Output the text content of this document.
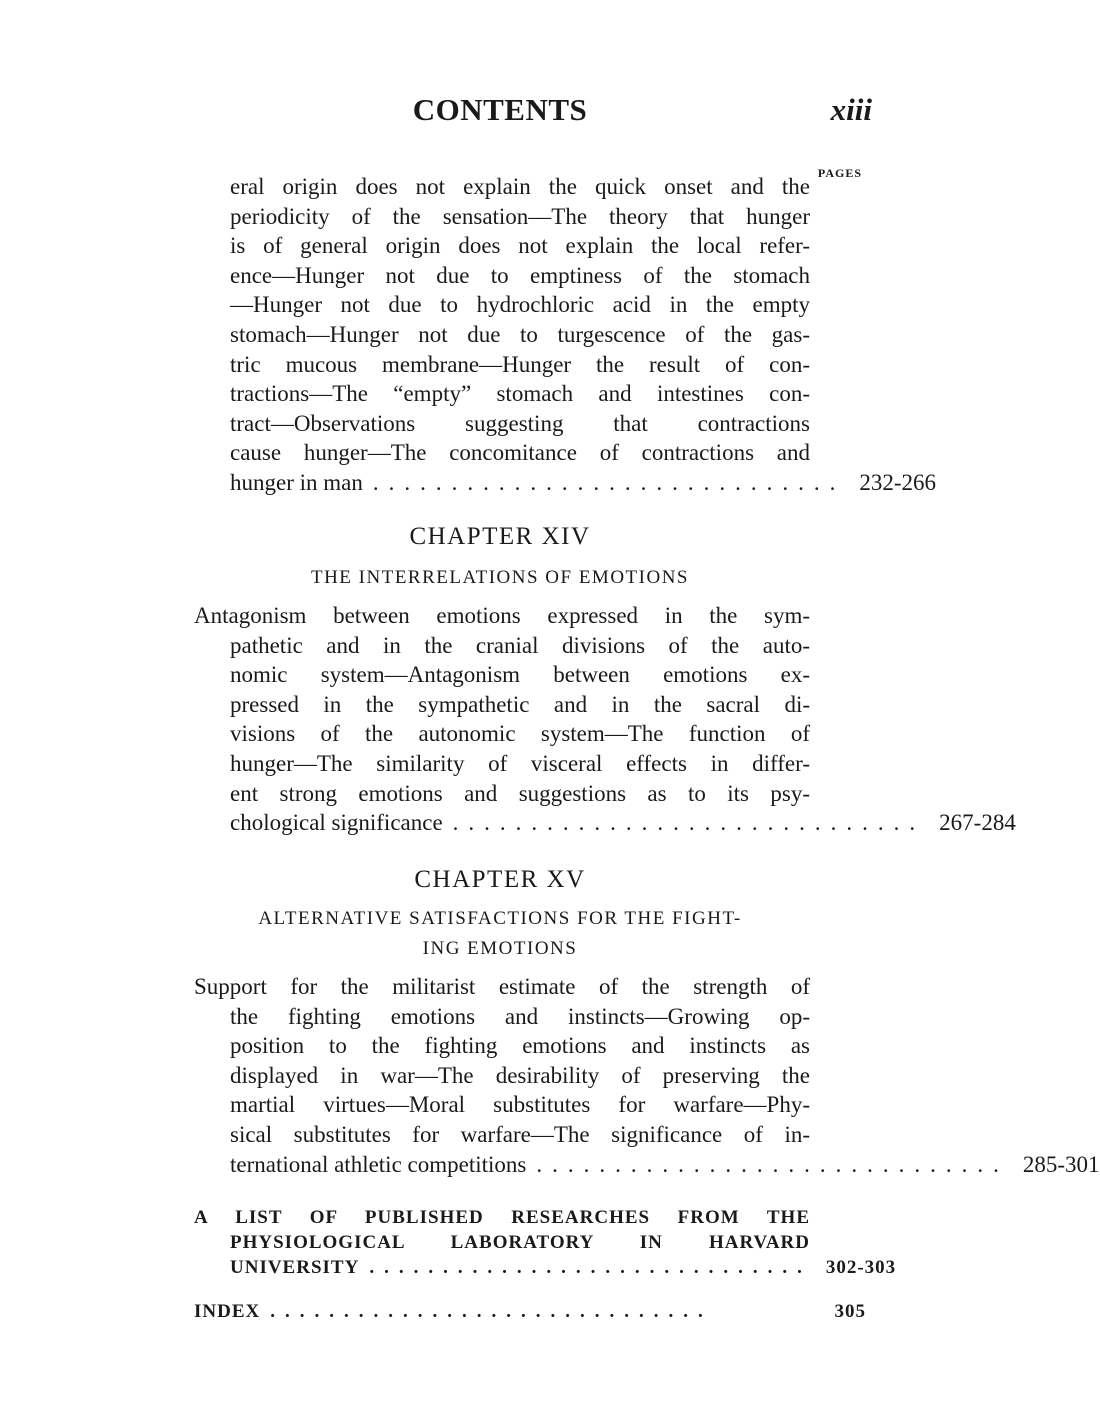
CONTENTS	xiii
PAGES
eral origin does not explain the quick onset and the
periodicity of the sensation—The theory that hunger
is of general origin does not explain the local refer-
ence—Hunger not due to emptiness of the stomach
—Hunger not due to hydrochloric acid in the empty
stomach—Hunger not due to turgescence of the gas-
tric mucous membrane—Hunger the result of con-
tractions—The “empty” stomach and intestines con-
tract—Observations suggesting that contractions
cause hunger—The concomitance of contractions and
hunger in man .............................. 232-266
CHAPTER XIV
THE INTERRELATIONS OF EMOTIONS
Antagonism between emotions expressed in the sym-
pathetic and in the cranial divisions of the auto-
nomic system—Antagonism between emotions ex-
pressed in the sympathetic and in the sacral di-
visions of the autonomic system—The function of
hunger—The similarity of visceral effects in differ-
ent strong emotions and suggestions as to its psy-
chological significance .............................. 267-284
CHAPTER XV
ALTERNATIVE SATISFACTIONS FOR THE FIGHT-
ING EMOTIONS
Support for the militarist estimate of the strength of
the fighting emotions and instincts—Growing op-
position to the fighting emotions and instincts as
displayed in war—The desirability of preserving the
martial virtues—Moral substitutes for warfare—Phy-
sical substitutes for warfare—The significance of in-
ternational athletic competitions .............................. 285-301
A LIST OF PUBLISHED RESEARCHES FROM THE
PHYSIOLOGICAL LABORATORY IN HARVARD
UNIVERSITY .............................. 302-303
INDEX ..............................	305
